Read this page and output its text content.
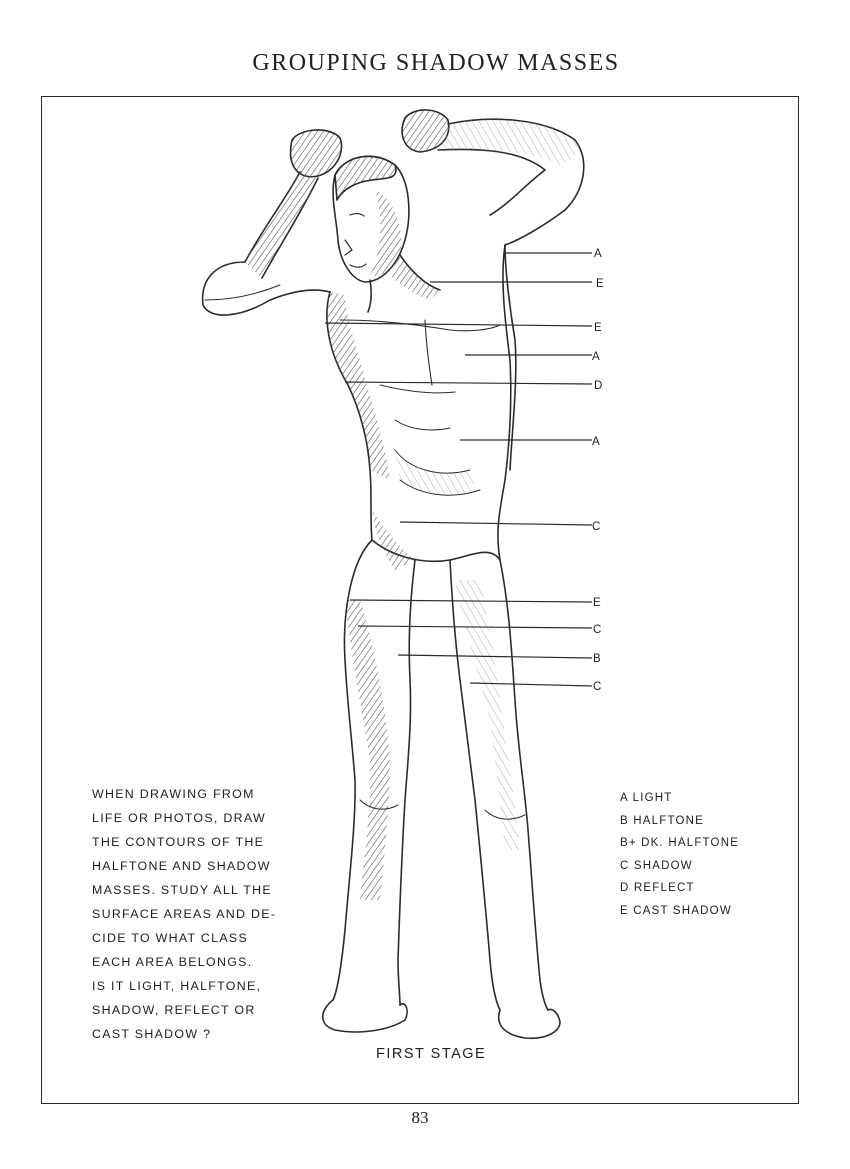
GROUPING SHADOW MASSES
A
E
E
A
D
A
C
E
C
B
C
WHEN DRAWING FROM
LIFE OR PHOTOS, DRAW
THE CONTOURS OF THE
HALFTONE AND SHADOW
MASSES. STUDY ALL THE
SURFACE AREAS AND DE-
CIDE TO WHAT CLASS
EACH AREA BELONGS.
IS IT LIGHT, HALFTONE,
SHADOW, REFLECT OR
CAST SHADOW ?
A LIGHT
B HALFTONE
B+ DK. HALFTONE
C SHADOW
D REFLECT
E CAST SHADOW
FIRST STAGE
83
